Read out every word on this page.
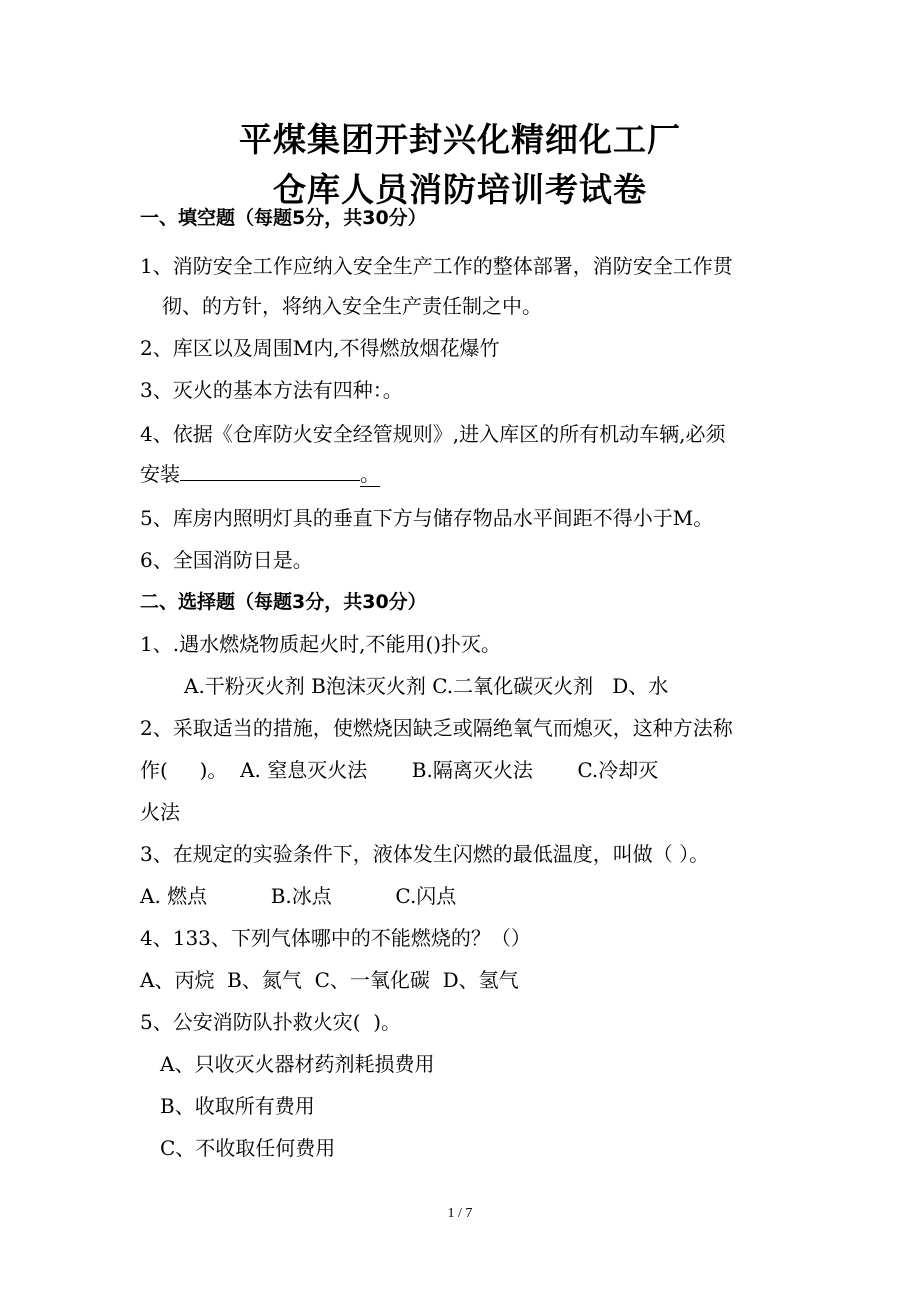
平煤集团开封兴化精细化工厂
仓库人员消防培训考试卷
一、填空题（每题5分，共30分）
1、消防安全工作应纳入安全生产工作的整体部署，消防安全工作贯
彻、的方针，将纳入安全生产责任制之中。
2、库区以及周围M内,不得燃放烟花爆竹
3、灭火的基本方法有四种：。
4、依据《仓库防火安全经管规则》,进入库区的所有机动车辆,必须
安装	。
5、库房内照明灯具的垂直下方与储存物品水平间距不得小于M。
6、全国消防日是。
二、选择题（每题3分，共30分）
1、.遇水燃烧物质起火时,不能用()扑灭。
A.干粉灭火剂 B泡沫灭火剂 C.二氧化碳灭火剂   D、水
2、采取适当的措施，使燃烧因缺乏或隔绝氧气而熄灭，这种方法称
作(     )。  A. 窒息灭火法       B.隔离灭火法       C.冷却灭
火法
3、在规定的实验条件下，液体发生闪燃的最低温度，叫做（ ）。
A. 燃点          B.冰点          C.闪点
4、133、下列气体哪中的不能燃烧的？（）
A、丙烷  B、氮气  C、一氧化碳  D、氢气
5、公安消防队扑救火灾(  )。
A、只收灭火器材药剂耗损费用
B、收取所有费用
C、不收取任何费用
1 / 7
